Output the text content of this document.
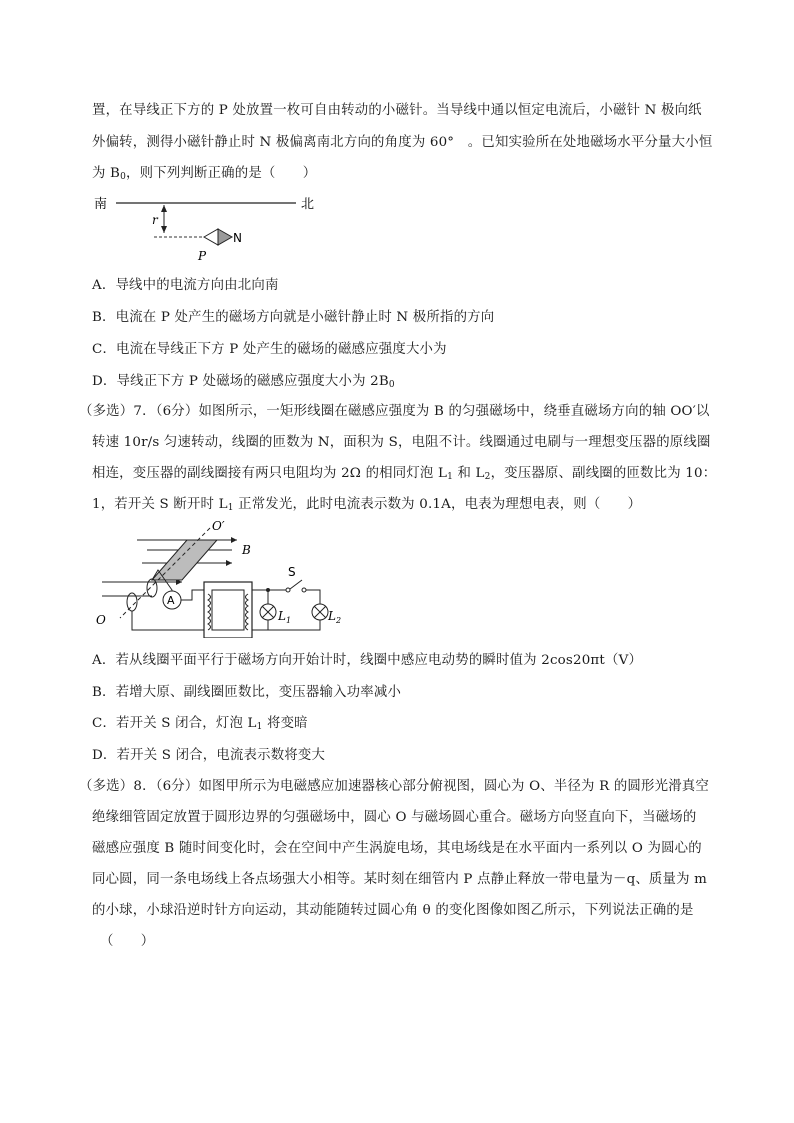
置，在导线正下方的 P 处放置一枚可自由转动的小磁针。当导线中通以恒定电流后，小磁针 N 极向纸
外偏转，测得小磁针静止时 N 极偏离南北方向的角度为 60°　。已知实验所在处地磁场水平分量大小恒
为 $B_0$，则下列判断正确的是（　　）
南	北
r
N
P
A．导线中的电流方向由北向南
B．电流在 P 处产生的磁场方向就是小磁针静止时 N 极所指的方向
C．电流在导线正下方 P 处产生的磁场的磁感应强度大小为
D．导线正下方 P 处磁场的磁感应强度大小为 $2B_0$
（多选）7．（6分）如图所示，一矩形线圈在磁感应强度为 B 的匀强磁场中，绕垂直磁场方向的轴 OO′以
转速 10r/s 匀速转动，线圈的匝数为 N，面积为 S，电阻不计。线圈通过电刷与一理想变压器的原线圈
相连，变压器的副线圈接有两只电阻均为 2Ω 的相同灯泡 $L_1$ 和 $L_2$，变压器原、副线圈的匝数比为 10：
1，若开关 S 断开时 $L_1$ 正常发光，此时电流表示数为 0.1A，电表为理想电表，则（　　）
O′
B
O
A
$L_1$
S
$L_2$
A．若从线圈平面平行于磁场方向开始计时，线圈中感应电动势的瞬时值为 2cos20πt（V）
B．若增大原、副线圈匝数比，变压器输入功率减小
C．若开关 S 闭合，灯泡 $L_1$ 将变暗
D．若开关 S 闭合，电流表示数将变大
（多选）8．（6分）如图甲所示为电磁感应加速器核心部分俯视图，圆心为 O、半径为 R 的圆形光滑真空
绝缘细管固定放置于圆形边界的匀强磁场中，圆心 O 与磁场圆心重合。磁场方向竖直向下，当磁场的
磁感应强度 B 随时间变化时，会在空间中产生涡旋电场，其电场线是在水平面内一系列以 O 为圆心的
同心圆，同一条电场线上各点场强大小相等。某时刻在细管内 P 点静止释放一带电量为－q、质量为 m
的小球，小球沿逆时针方向运动，其动能随转过圆心角 θ 的变化图像如图乙所示，下列说法正确的是
（　　）
